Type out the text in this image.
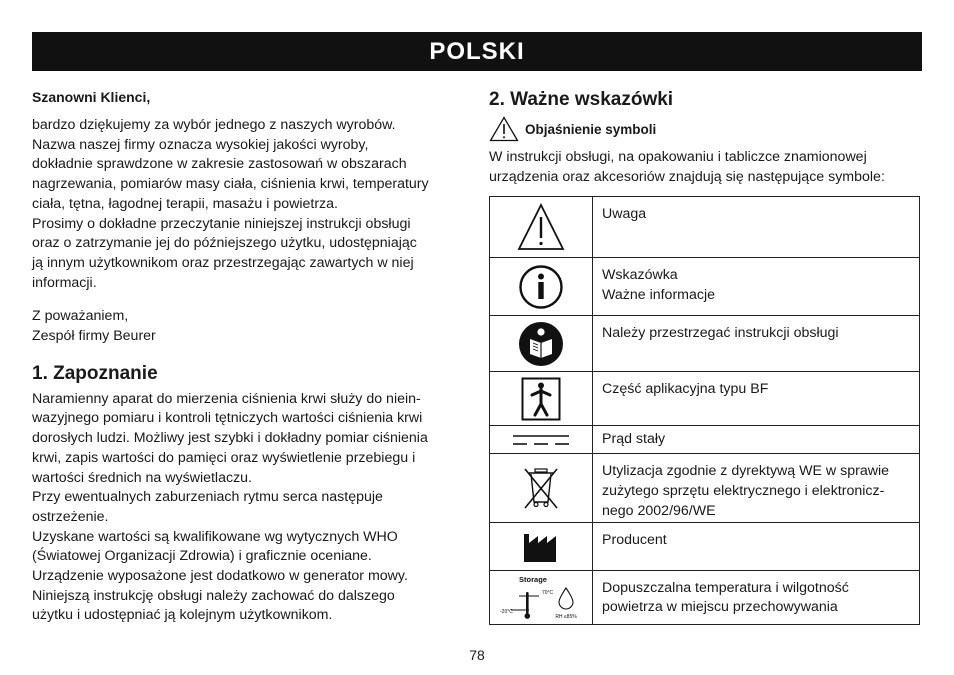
POLSKI

Szanowni Klienci,

bardzo dziękujemy za wybór jednego z naszych wyrobów.
Nazwa naszej firmy oznacza wysokiej jakości wyroby,
dokładnie sprawdzone w zakresie zastosowań w obszarach
nagrzewania, pomiarów masy ciała, ciśnienia krwi, temperatury
ciała, tętna, łagodnej terapii, masażu i powietrza.
Prosimy o dokładne przeczytanie niniejszej instrukcji obsługi
oraz o zatrzymanie jej do późniejszego użytku, udostępniając
ją innym użytkownikom oraz przestrzegając zawartych w niej
informacji.
Z poważaniem,
Zespół firmy Beurer
1. Zapoznanie
Naramienny aparat do mierzenia ciśnienia krwi służy do niein-
wazyjnego pomiaru i kontroli tętniczych wartości ciśnienia krwi
dorosłych ludzi. Możliwy jest szybki i dokładny pomiar ciśnienia
krwi, zapis wartości do pamięci oraz wyświetlenie przebiegu i
wartości średnich na wyświetlaczu.
Przy ewentualnych zaburzeniach rytmu serca następuje
ostrzeżenie.
Uzyskane wartości są kwalifikowane wg wytycznych WHO
(Światowej Organizacji Zdrowia) i graficznie oceniane.
Urządzenie wyposażone jest dodatkowo w generator mowy.
Niniejszą instrukcję obsługi należy zachować do dalszego
użytku i udostępniać ją kolejnym użytkownikom.
2. Ważne wskazówki
Objaśnienie symboli
W instrukcji obsługi, na opakowaniu i tabliczce znamionowej
urządzenia oraz akcesoriów znajdują się następujące symbole:

Uwaga

Wskazówka
Ważne informacje

Należy przestrzegać instrukcji obsługi

Część aplikacyjna typu BF

Prąd stały

Utylizacja zgodnie z dyrektywą WE w sprawie
zużytego sprzętu elektrycznego i elektronicz-
nego 2002/96/WE

Producent

Storage
70°C
-20°C
RH ≤85%	Dopuszczalna temperatura i wilgotność
powietrza w miejscu przechowywania
78
